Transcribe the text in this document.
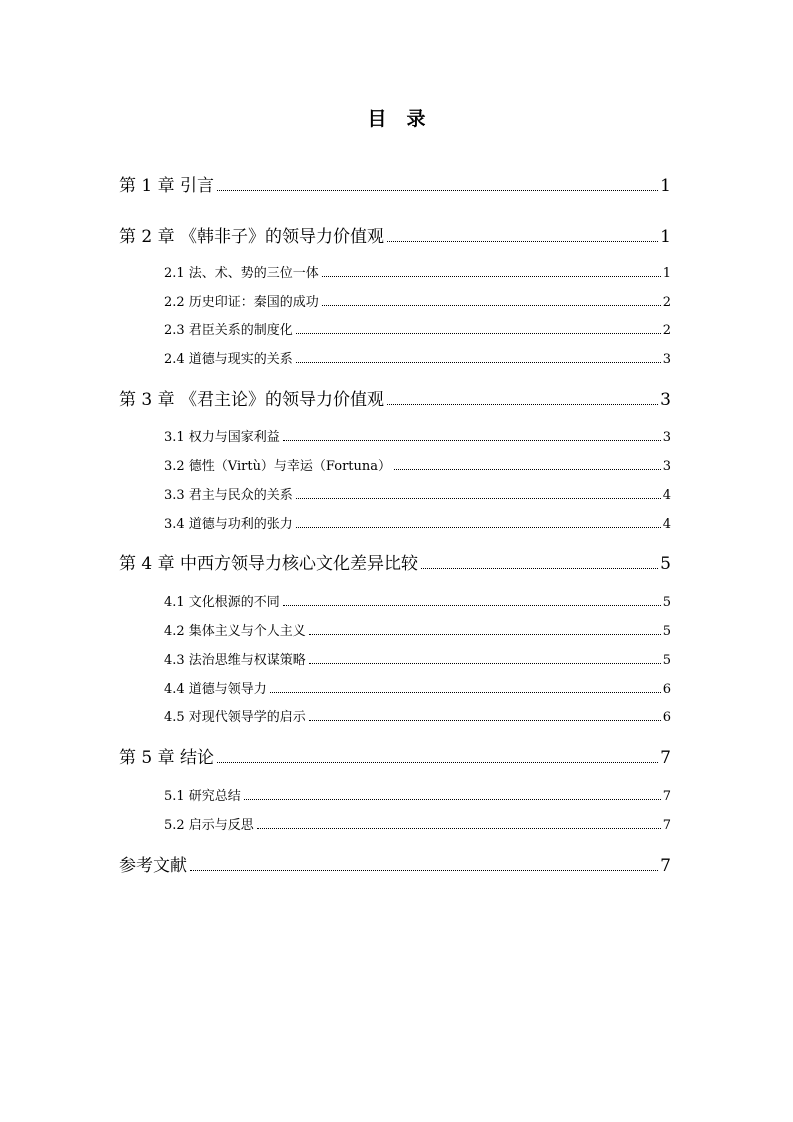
目 录
第 1 章 引言	1
第 2 章 《韩非子》的领导力价值观	1
2.1 法、术、势的三位一体	1
2.2 历史印证：秦国的成功	2
2.3 君臣关系的制度化	2
2.4 道德与现实的关系	3
第 3 章 《君主论》的领导力价值观	3
3.1 权力与国家利益	3
3.2 德性（Virtù）与幸运（Fortuna）	3
3.3 君主与民众的关系	4
3.4 道德与功利的张力	4
第 4 章 中西方领导力核心文化差异比较	5
4.1 文化根源的不同	5
4.2 集体主义与个人主义	5
4.3 法治思维与权谋策略	5
4.4 道德与领导力	6
4.5 对现代领导学的启示	6
第 5 章 结论	7
5.1 研究总结	7
5.2 启示与反思	7
参考文献	7
